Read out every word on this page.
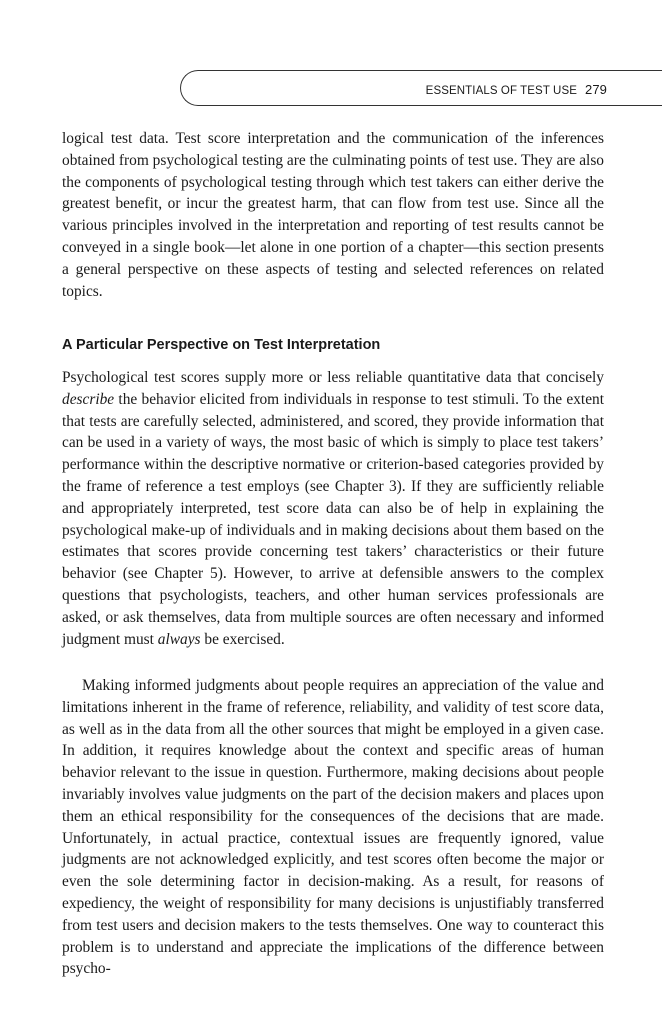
ESSENTIALS OF TEST USE 279

logical test data. Test score interpretation and the communication of the inferences obtained from psychological testing are the culminating points of test use. They are also the components of psychological testing through which test takers can either derive the greatest benefit, or incur the greatest harm, that can flow from test use. Since all the various principles involved in the interpretation and reporting of test results cannot be conveyed in a single book—let alone in one portion of a chapter—this section presents a general perspective on these aspects of testing and selected references on related topics.

A Particular Perspective on Test Interpretation

Psychological test scores supply more or less reliable quantitative data that concisely describe the behavior elicited from individuals in response to test stimuli. To the extent that tests are carefully selected, administered, and scored, they provide information that can be used in a variety of ways, the most basic of which is simply to place test takers’ performance within the descriptive normative or criterion-based categories provided by the frame of reference a test employs (see Chapter 3). If they are sufficiently reliable and appropriately interpreted, test score data can also be of help in explaining the psychological make-up of individuals and in making decisions about them based on the estimates that scores provide concerning test takers’ characteristics or their future behavior (see Chapter 5). However, to arrive at defensible answers to the complex questions that psychologists, teachers, and other human services professionals are asked, or ask themselves, data from multiple sources are often necessary and informed judgment must always be exercised.

Making informed judgments about people requires an appreciation of the value and limitations inherent in the frame of reference, reliability, and validity of test score data, as well as in the data from all the other sources that might be employed in a given case. In addition, it requires knowledge about the context and specific areas of human behavior relevant to the issue in question. Furthermore, making decisions about people invariably involves value judgments on the part of the decision makers and places upon them an ethical responsibility for the consequences of the decisions that are made. Unfortunately, in actual practice, contextual issues are frequently ignored, value judgments are not acknowledged explicitly, and test scores often become the major or even the sole determining factor in decision-making. As a result, for reasons of expediency, the weight of responsibility for many decisions is unjustifiably transferred from test users and decision makers to the tests themselves. One way to counteract this problem is to understand and appreciate the implications of the difference between psycho-
